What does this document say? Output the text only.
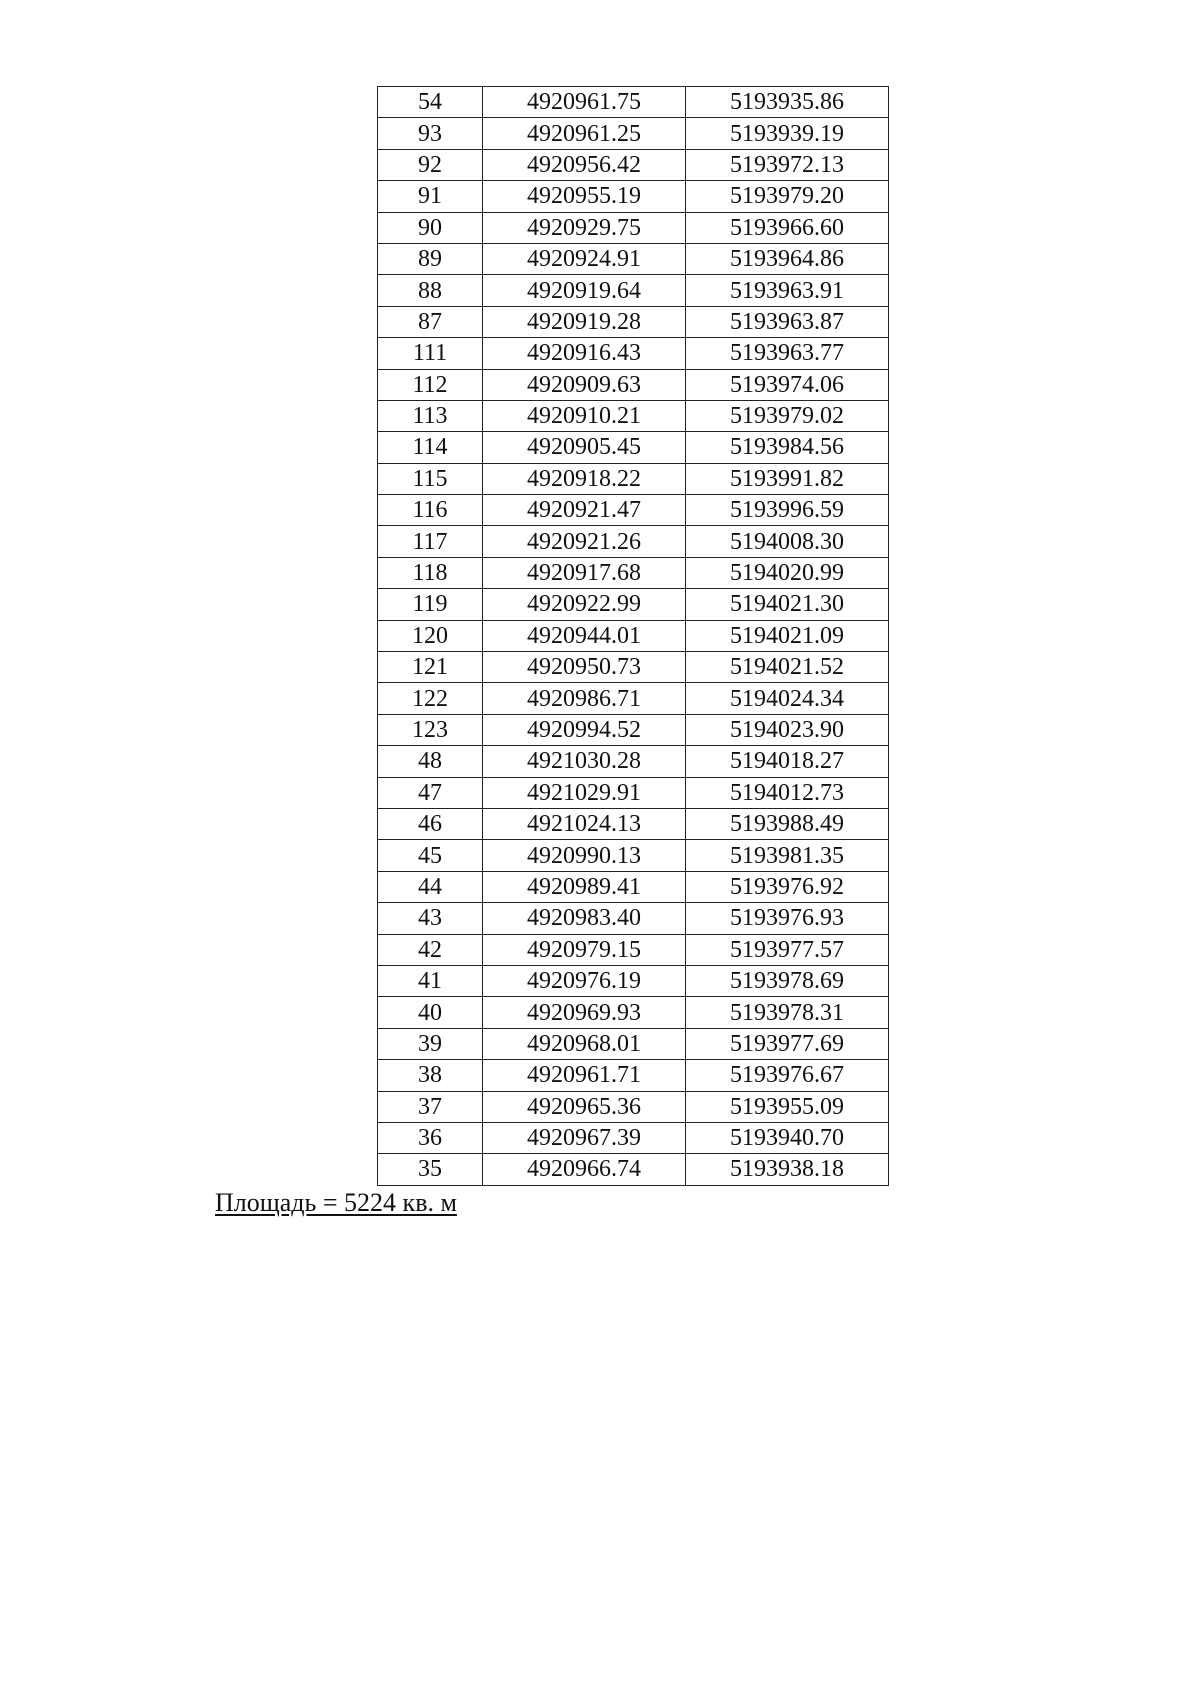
54	4920961.75	5193935.86
93	4920961.25	5193939.19
92	4920956.42	5193972.13
91	4920955.19	5193979.20
90	4920929.75	5193966.60
89	4920924.91	5193964.86
88	4920919.64	5193963.91
87	4920919.28	5193963.87
111	4920916.43	5193963.77
112	4920909.63	5193974.06
113	4920910.21	5193979.02
114	4920905.45	5193984.56
115	4920918.22	5193991.82
116	4920921.47	5193996.59
117	4920921.26	5194008.30
118	4920917.68	5194020.99
119	4920922.99	5194021.30
120	4920944.01	5194021.09
121	4920950.73	5194021.52
122	4920986.71	5194024.34
123	4920994.52	5194023.90
48	4921030.28	5194018.27
47	4921029.91	5194012.73
46	4921024.13	5193988.49
45	4920990.13	5193981.35
44	4920989.41	5193976.92
43	4920983.40	5193976.93
42	4920979.15	5193977.57
41	4920976.19	5193978.69
40	4920969.93	5193978.31
39	4920968.01	5193977.69
38	4920961.71	5193976.67
37	4920965.36	5193955.09
36	4920967.39	5193940.70
35	4920966.74	5193938.18
Площадь = 5224 кв. м
